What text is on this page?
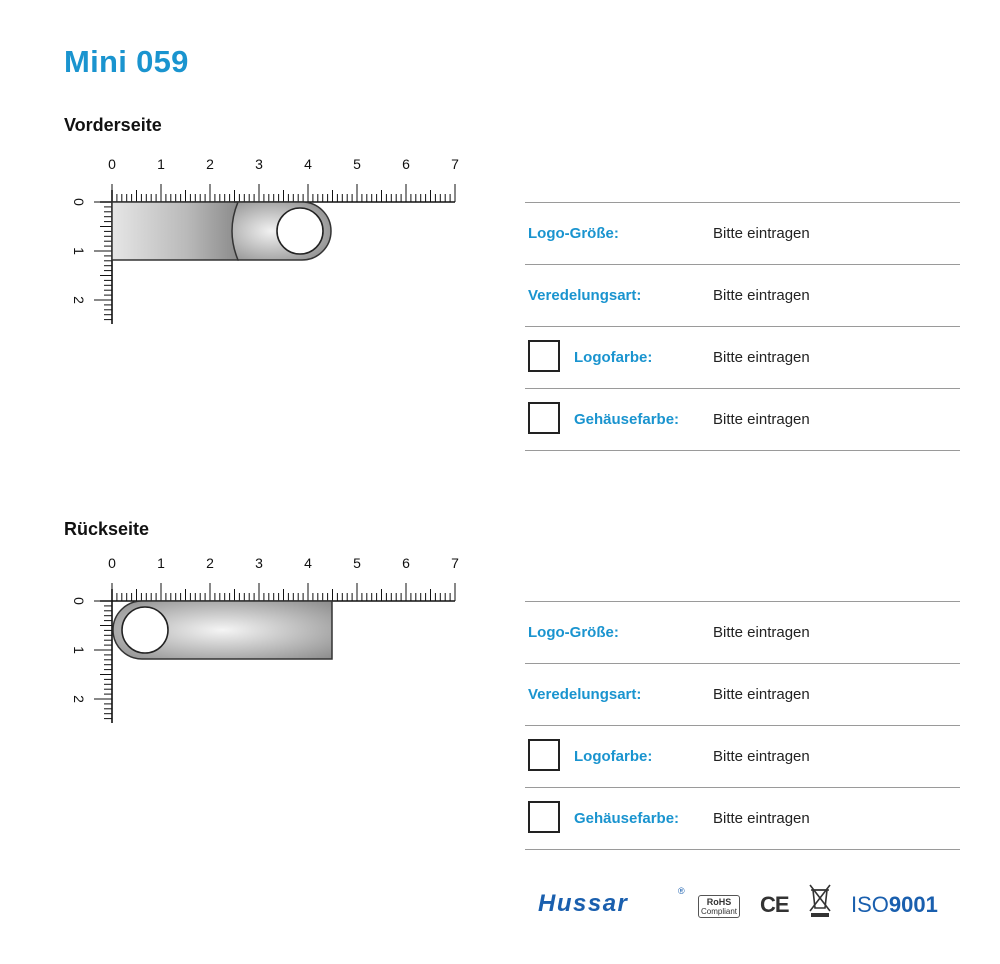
Mini 059
Vorderseite
0	1	2	3	4	5	6	7
0
1
2
Logo-Größe:	Bitte eintragen
Veredelungsart:	Bitte eintragen
Logofarbe:	Bitte eintragen
Gehäusefarbe: Bitte eintragen
Rückseite
0	1	2	3	4	5	6	7
0
1
2
Logo-Größe:	Bitte eintragen
Veredelungsart:	Bitte eintragen
Logofarbe:	Bitte eintragen
Gehäusefarbe: Bitte eintragen
Hussar	®
RoHS
Compliant CE	ISO9001
